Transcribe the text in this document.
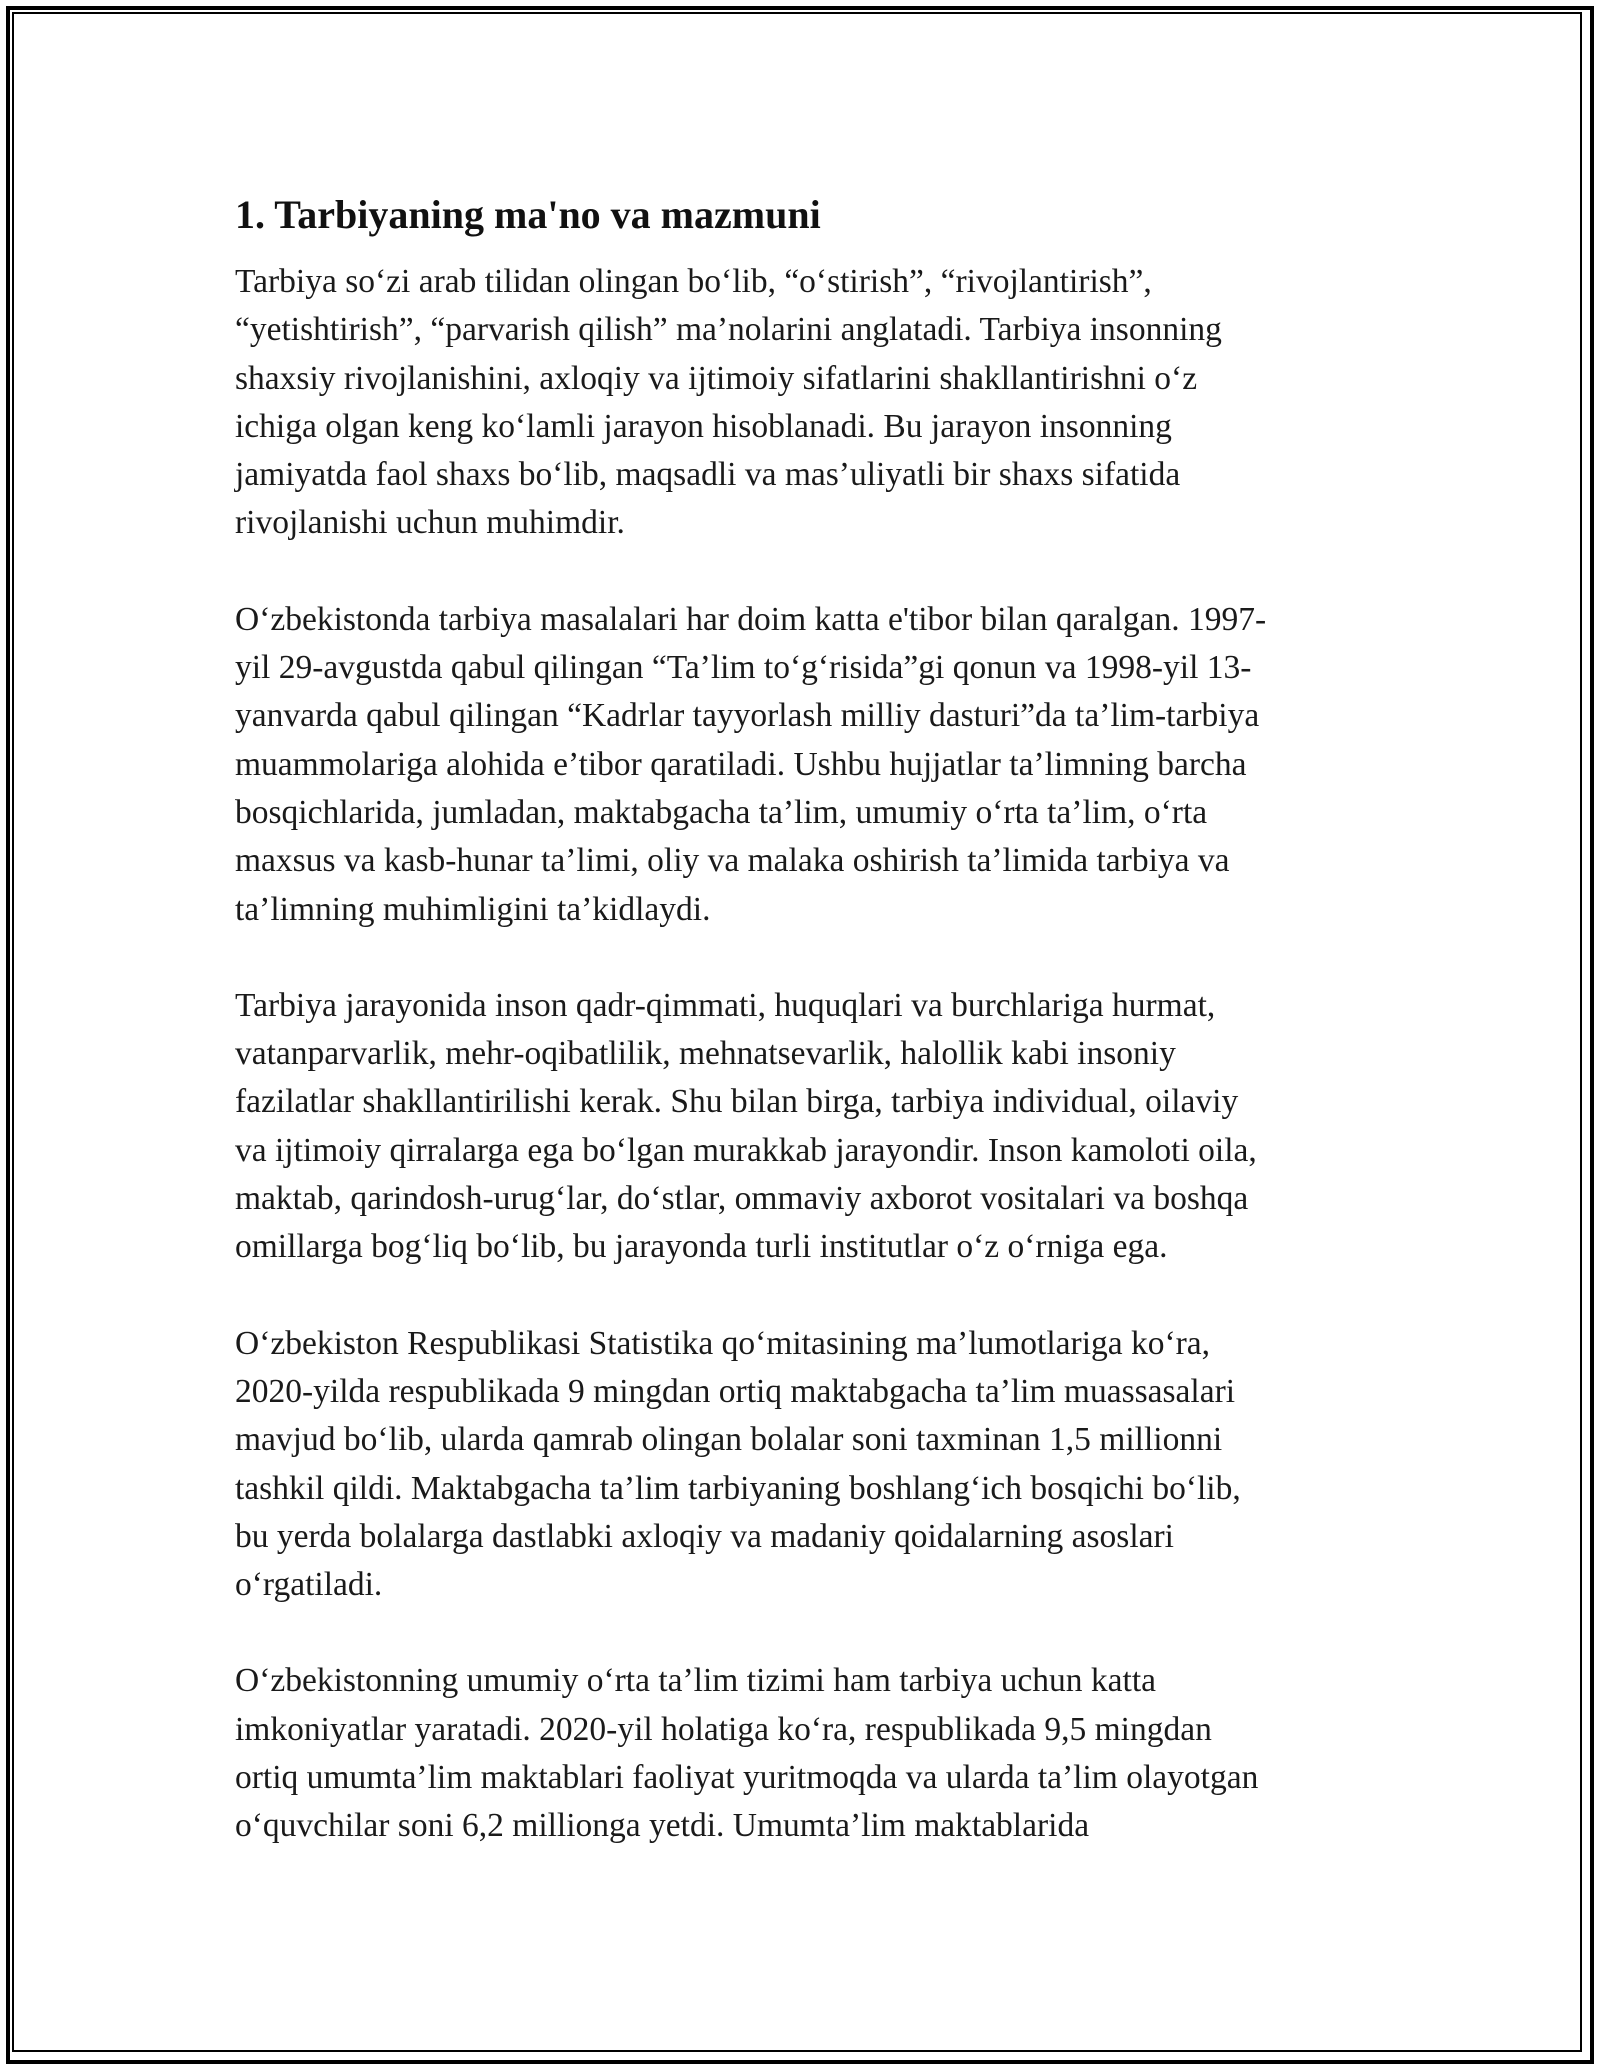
1. Tarbiyaning ma'no va mazmuni

Tarbiya so‘zi arab tilidan olingan bo‘lib, “o‘stirish”, “rivojlantirish”,
“yetishtirish”, “parvarish qilish” ma’nolarini anglatadi. Tarbiya insonning
shaxsiy rivojlanishini, axloqiy va ijtimoiy sifatlarini shakllantirishni o‘z
ichiga olgan keng ko‘lamli jarayon hisoblanadi. Bu jarayon insonning
jamiyatda faol shaxs bo‘lib, maqsadli va mas’uliyatli bir shaxs sifatida
rivojlanishi uchun muhimdir.

O‘zbekistonda tarbiya masalalari har doim katta e'tibor bilan qaralgan. 1997-
yil 29-avgustda qabul qilingan “Ta’lim to‘g‘risida”gi qonun va 1998-yil 13-
yanvarda qabul qilingan “Kadrlar tayyorlash milliy dasturi”da ta’lim-tarbiya
muammolariga alohida e’tibor qaratiladi. Ushbu hujjatlar ta’limning barcha
bosqichlarida, jumladan, maktabgacha ta’lim, umumiy o‘rta ta’lim, o‘rta
maxsus va kasb-hunar ta’limi, oliy va malaka oshirish ta’limida tarbiya va
ta’limning muhimligini ta’kidlaydi.

Tarbiya jarayonida inson qadr-qimmati, huquqlari va burchlariga hurmat,
vatanparvarlik, mehr-oqibatlilik, mehnatsevarlik, halollik kabi insoniy
fazilatlar shakllantirilishi kerak. Shu bilan birga, tarbiya individual, oilaviy
va ijtimoiy qirralarga ega bo‘lgan murakkab jarayondir. Inson kamoloti oila,
maktab, qarindosh-urug‘lar, do‘stlar, ommaviy axborot vositalari va boshqa
omillarga bog‘liq bo‘lib, bu jarayonda turli institutlar o‘z o‘rniga ega.

O‘zbekiston Respublikasi Statistika qo‘mitasining ma’lumotlariga ko‘ra,
2020-yilda respublikada 9 mingdan ortiq maktabgacha ta’lim muassasalari
mavjud bo‘lib, ularda qamrab olingan bolalar soni taxminan 1,5 millionni
tashkil qildi. Maktabgacha ta’lim tarbiyaning boshlang‘ich bosqichi bo‘lib,
bu yerda bolalarga dastlabki axloqiy va madaniy qoidalarning asoslari
o‘rgatiladi.

O‘zbekistonning umumiy o‘rta ta’lim tizimi ham tarbiya uchun katta
imkoniyatlar yaratadi. 2020-yil holatiga ko‘ra, respublikada 9,5 mingdan
ortiq umumta’lim maktablari faoliyat yuritmoqda va ularda ta’lim olayotgan
o‘quvchilar soni 6,2 millionga yetdi. Umumta’lim maktablarida
